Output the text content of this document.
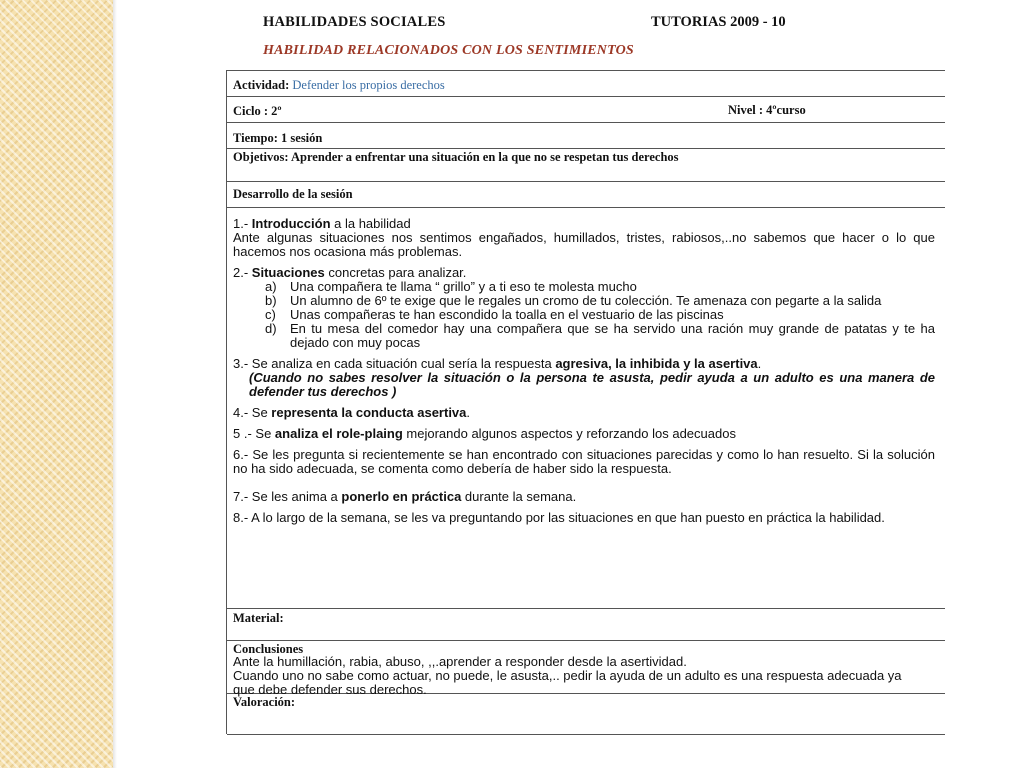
HABILIDADES SOCIALES	TUTORIAS 2009 - 10
HABILIDAD RELACIONADOS CON LOS SENTIMIENTOS
Actividad: Defender los propios derechos
Ciclo : 2º	Nivel : 4ºcurso
Tiempo: 1 sesión
Objetivos: Aprender a enfrentar una situación en la que no se respetan tus derechos
Desarrollo de la sesión
1.- Introducción a la habilidad
Ante algunas situaciones nos sentimos engañados, humillados, tristes, rabiosos,..no sabemos que hacer o lo que hacemos nos ocasiona más problemas.
2.- Situaciones concretas para analizar.
a) Una compañera te llama “ grillo” y a ti eso te molesta mucho
b) Un alumno de 6º te exige que le regales un cromo de tu colección. Te amenaza con pegarte a la salida
c) Unas compañeras te han escondido la toalla en el vestuario de las piscinas
d) En tu mesa del comedor hay una compañera que se ha servido una ración muy grande de patatas y te ha dejado con muy pocas
3.- Se analiza en cada situación cual sería la respuesta agresiva, la inhibida y la asertiva.
(Cuando no sabes resolver la situación o la persona te asusta, pedir ayuda a un adulto es una manera de defender tus derechos )
4.- Se representa la conducta asertiva.
5 .- Se analiza el role-plaing mejorando algunos aspectos y reforzando los adecuados
6.- Se les pregunta si recientemente se han encontrado con situaciones parecidas y como lo han resuelto. Si la solución no ha sido adecuada, se comenta como debería de haber sido la respuesta.
7.- Se les anima a ponerlo en práctica durante la semana.
8.- A lo largo de la semana, se les va preguntando por las situaciones en que han puesto en práctica la habilidad.
Material:
Conclusiones
Ante la humillación, rabia, abuso, ,,.aprender a responder desde la asertividad.
Cuando uno no sabe como actuar, no puede, le asusta,.. pedir la ayuda de un adulto es una respuesta adecuada ya que debe defender sus derechos.
Valoración:
